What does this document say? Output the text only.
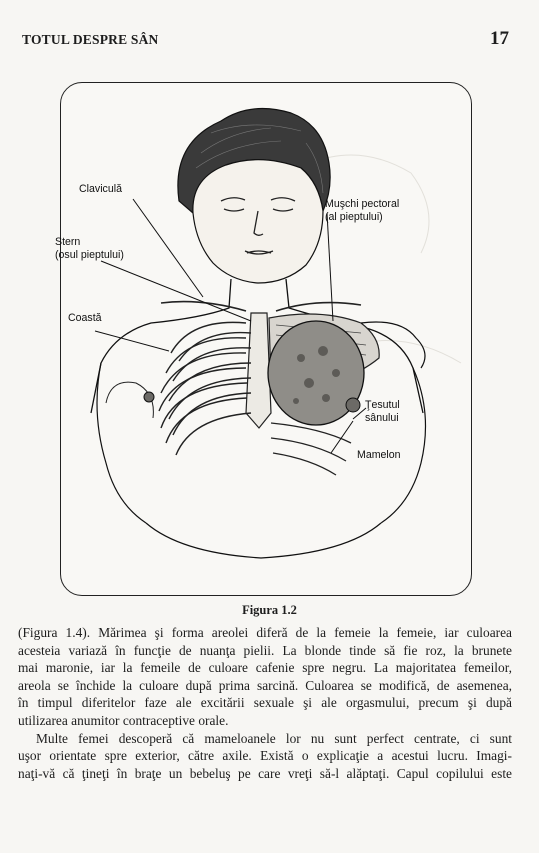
TOTUL DESPRE SÂN	17
Claviculă
Stern
(osul pieptului)
Coastă
Muşchi pectoral
(al pieptului)
Ţesutul
sânului
Mamelon
Figura 1.2

(Figura 1.4). Mărimea şi forma areolei diferă de la femeie la femeie, iar culoarea
acesteia variază în funcţie de nuanţa pielii. La blonde tinde să fie roz, la brunete
mai maronie, iar la femeile de culoare cafenie spre negru. La majoritatea femeilor,
areola se închide la culoare după prima sarcină. Culoarea se modifică, de asemenea,
în timpul diferitelor faze ale excitării sexuale şi ale orgasmului, precum şi după
utilizarea anumitor contraceptive orale.

Multe femei descoperă că mameloanele lor nu sunt perfect centrate, ci sunt
uşor orientate spre exterior, către axile. Există o explicaţie a acestui lucru. Imagi-
naţi-vă că ţineţi în braţe un bebeluş pe care vreţi să-l alăptaţi. Capul copilului este
